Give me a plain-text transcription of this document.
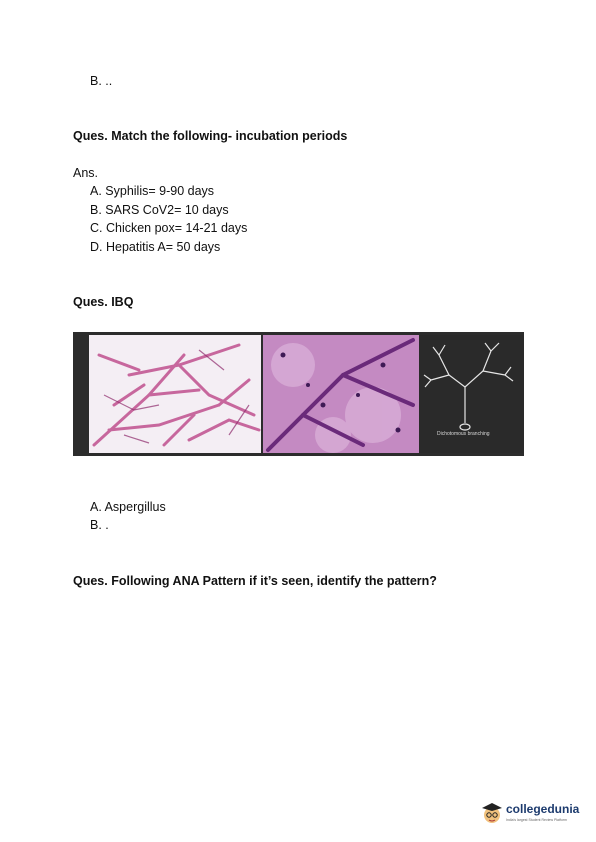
B. ..
Ques. Match the following- incubation periods
Ans.
A. Syphilis= 9-90 days
B. SARS CoV2= 10 days
C. Chicken pox= 14-21 days
D. Hepatitis A= 50 days
Ques. IBQ
Dichotomous branching
A. Aspergillus
B. .
Ques. Following ANA Pattern if it’s seen, identify the pattern?
collegedunia
India's largest Student Review Platform
